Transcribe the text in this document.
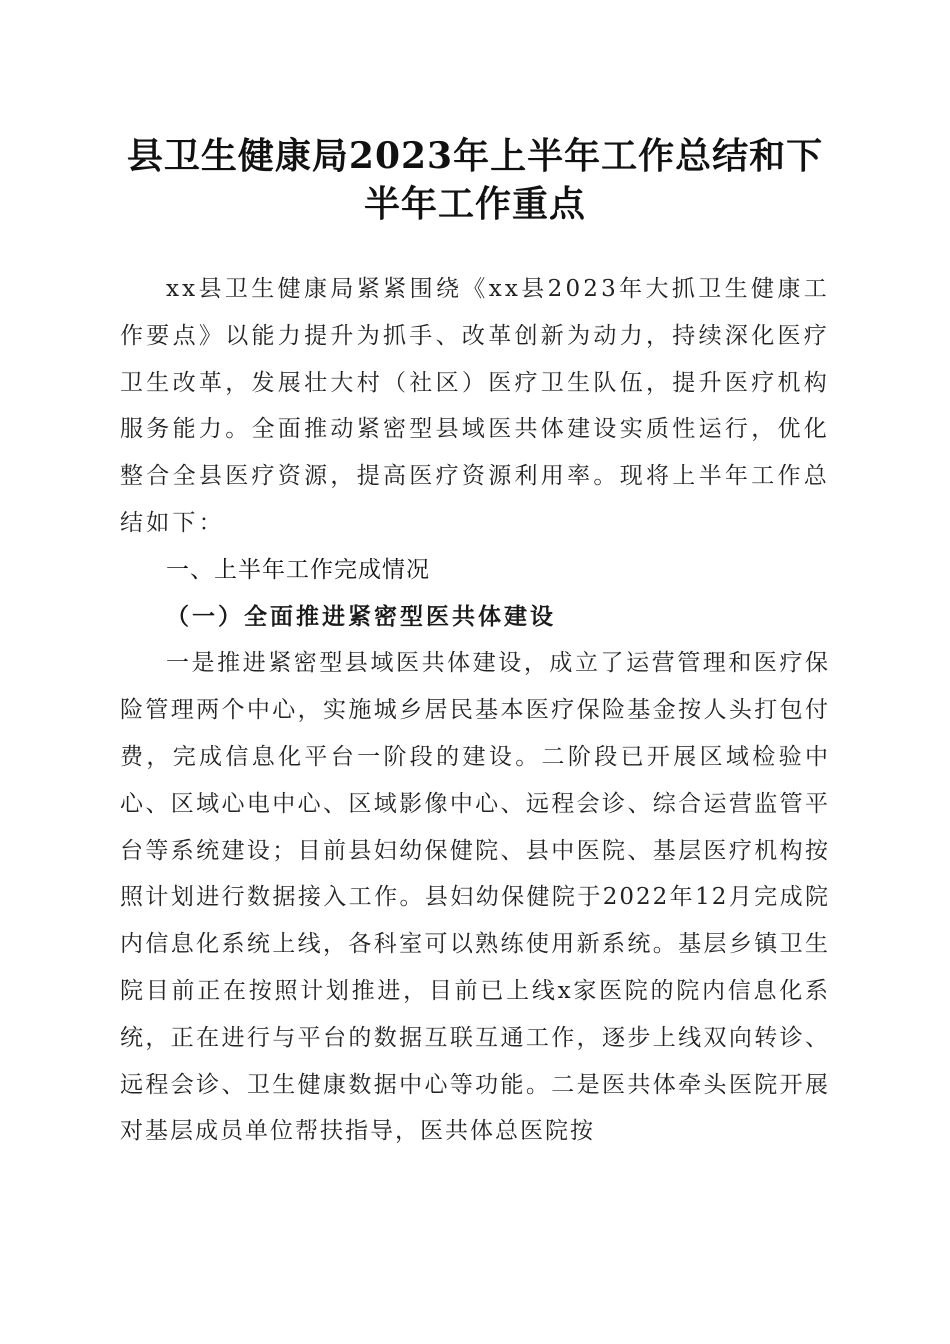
县卫生健康局2023年上半年工作总结和下半年工作重点

xx县卫生健康局紧紧围绕《xx县2023年大抓卫生健康工作要点》以能力提升为抓手、改革创新为动力，持续深化医疗卫生改革，发展壮大村（社区）医疗卫生队伍，提升医疗机构服务能力。全面推动紧密型县域医共体建设实质性运行，优化整合全县医疗资源，提高医疗资源利用率。现将上半年工作总结如下：

一、上半年工作完成情况

（一）全面推进紧密型医共体建设

一是推进紧密型县域医共体建设，成立了运营管理和医疗保险管理两个中心，实施城乡居民基本医疗保险基金按人头打包付费，完成信息化平台一阶段的建设。二阶段已开展区域检验中心、区域心电中心、区域影像中心、远程会诊、综合运营监管平台等系统建设；目前县妇幼保健院、县中医院、基层医疗机构按照计划进行数据接入工作。县妇幼保健院于2022年12月完成院内信息化系统上线，各科室可以熟练使用新系统。基层乡镇卫生院目前正在按照计划推进，目前已上线x家医院的院内信息化系统，正在进行与平台的数据互联互通工作，逐步上线双向转诊、远程会诊、卫生健康数据中心等功能。二是医共体牵头医院开展对基层成员单位帮扶指导，医共体总医院按
